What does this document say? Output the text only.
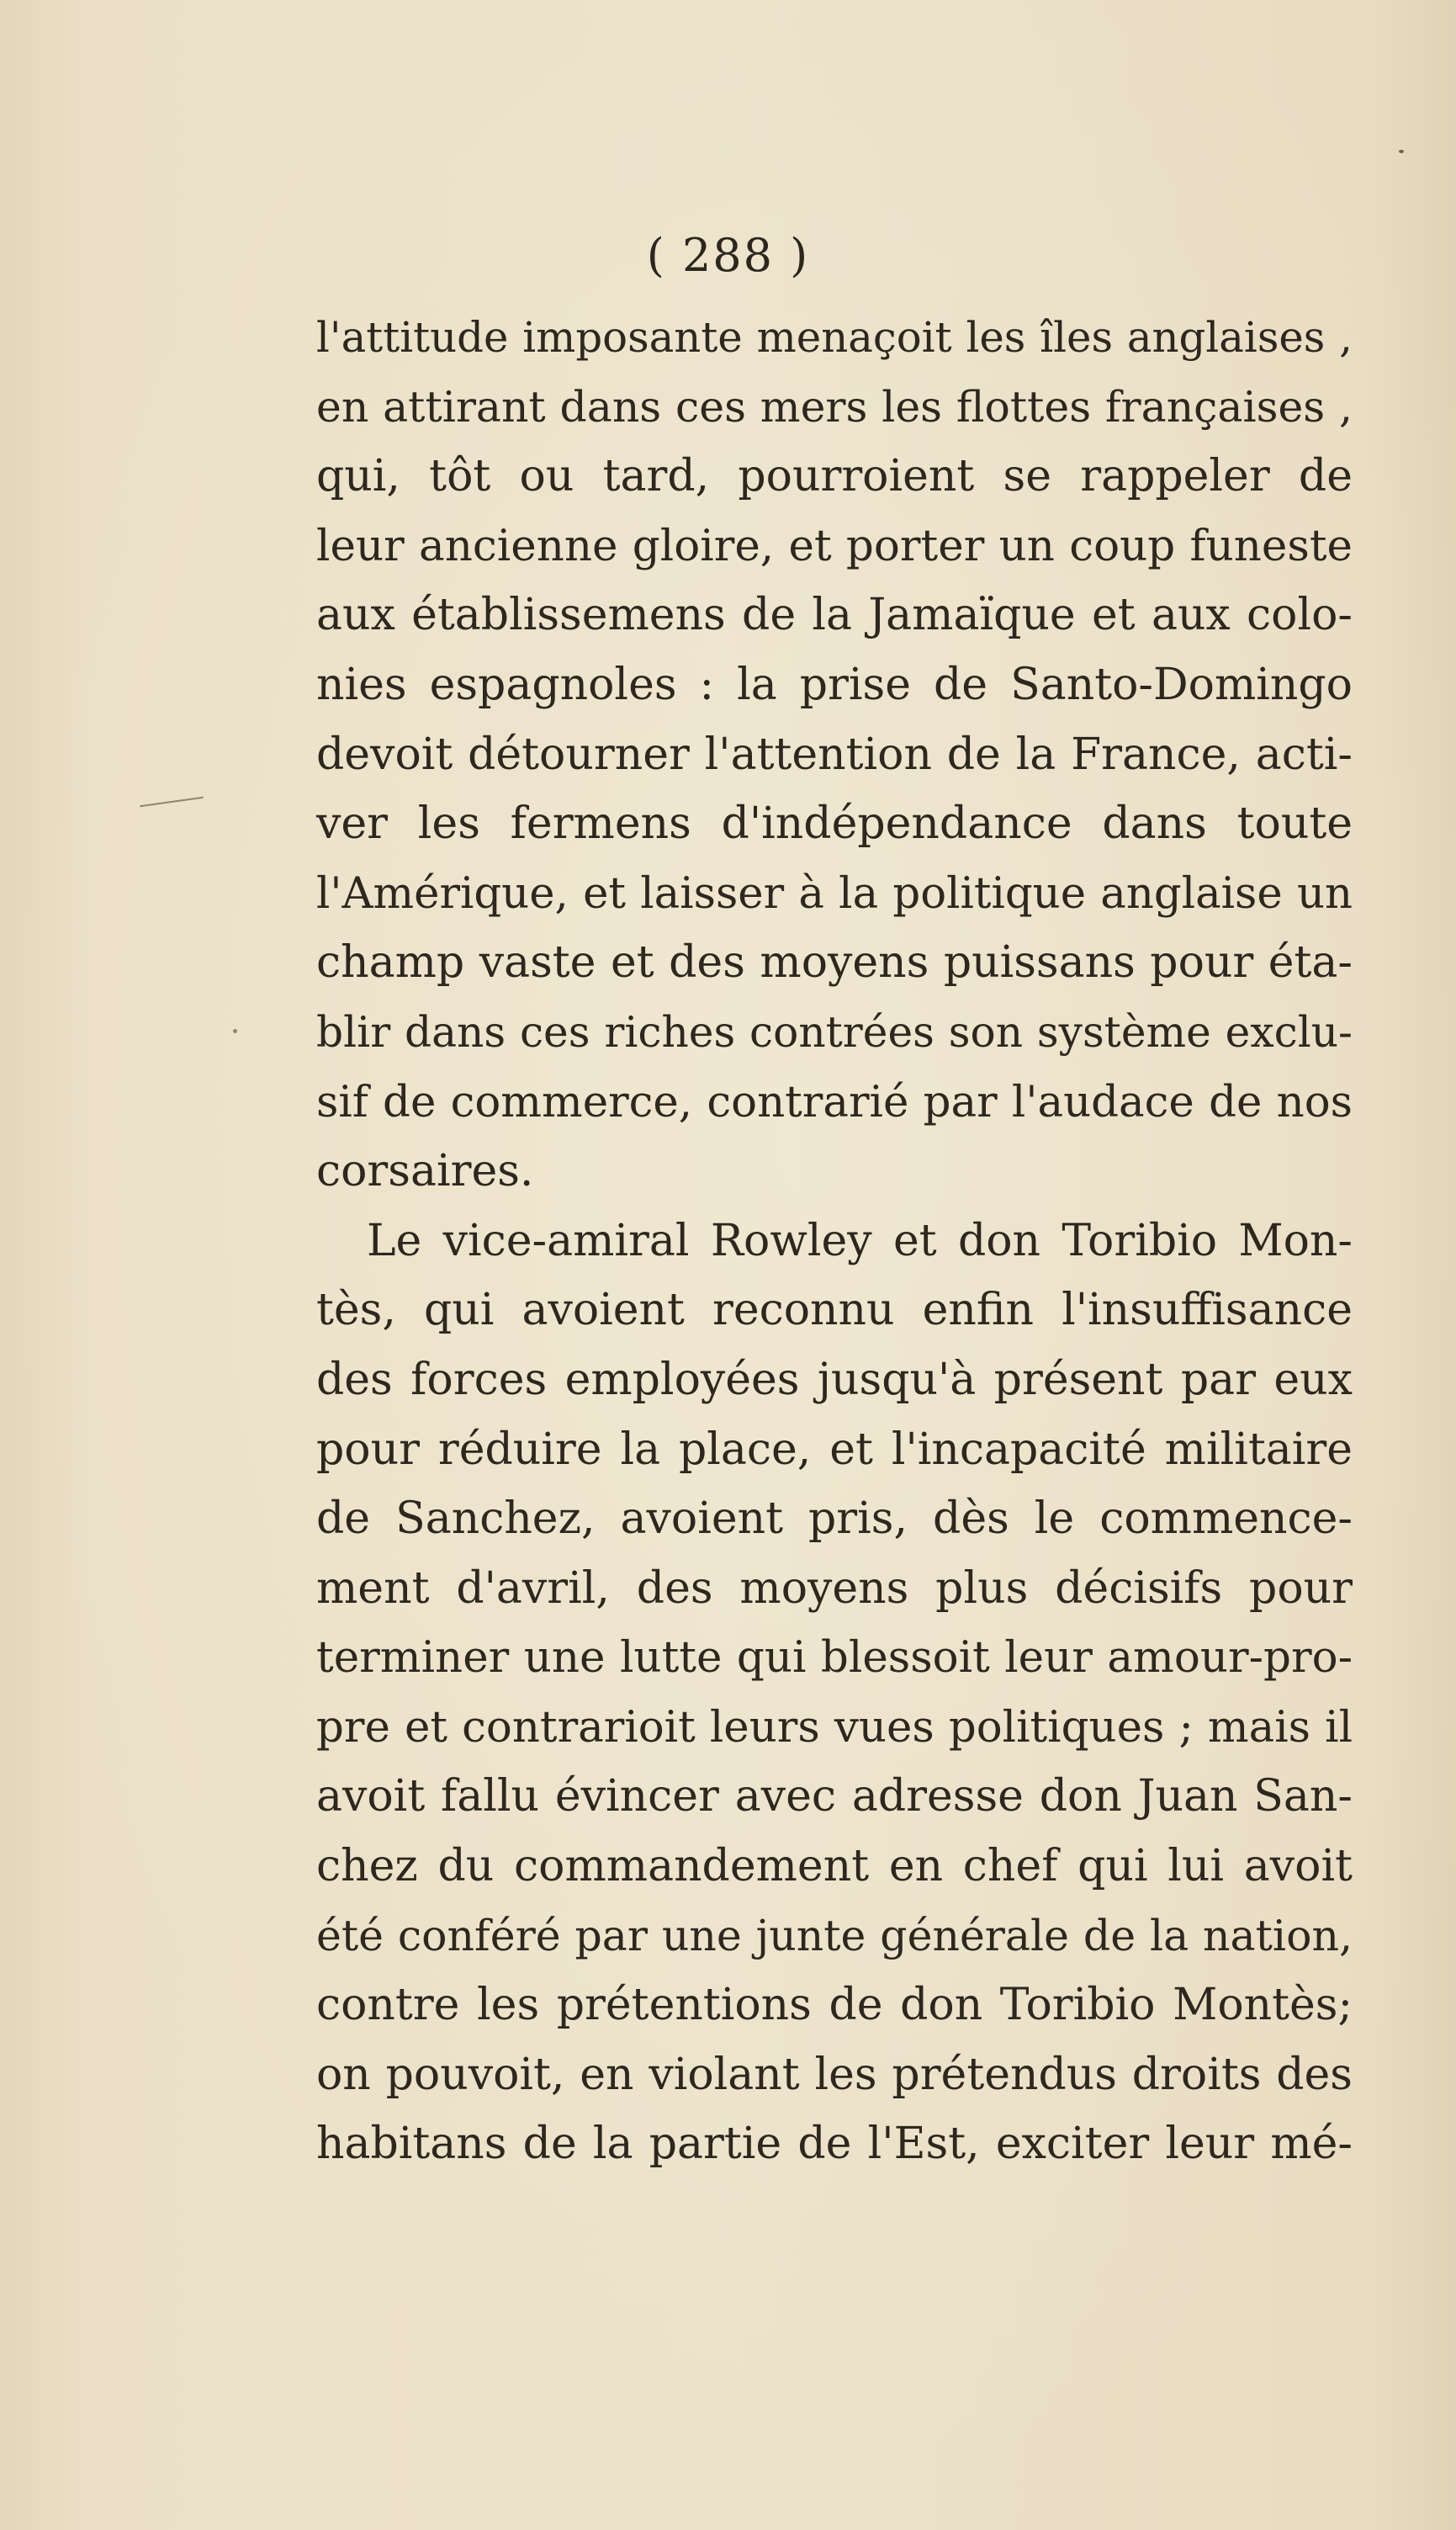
( 288 )
l'attitude imposante menaçoit les îles anglaises ,
en attirant dans ces mers les flottes françaises ,
qui, tôt ou tard, pourroient se rappeler de
leur ancienne gloire, et porter un coup funeste
aux établissemens de la Jamaïque et aux colo-
nies espagnoles : la prise de Santo-Domingo
devoit détourner l'attention de la France, acti-
ver les fermens d'indépendance dans toute
l'Amérique, et laisser à la politique anglaise un
champ vaste et des moyens puissans pour éta-
blir dans ces riches contrées son système exclu-
sif de commerce, contrarié par l'audace de nos
corsaires.
Le vice-amiral Rowley et don Toribio Mon-
tès, qui avoient reconnu enfin l'insuffisance
des forces employées jusqu'à présent par eux
pour réduire la place, et l'incapacité militaire
de Sanchez, avoient pris, dès le commence-
ment d'avril, des moyens plus décisifs pour
terminer une lutte qui blessoit leur amour-pro-
pre et contrarioit leurs vues politiques ; mais il
avoit fallu évincer avec adresse don Juan San-
chez du commandement en chef qui lui avoit
été conféré par une junte générale de la nation,
contre les prétentions de don Toribio Montès;
on pouvoit, en violant les prétendus droits des
habitans de la partie de l'Est, exciter leur mé-
